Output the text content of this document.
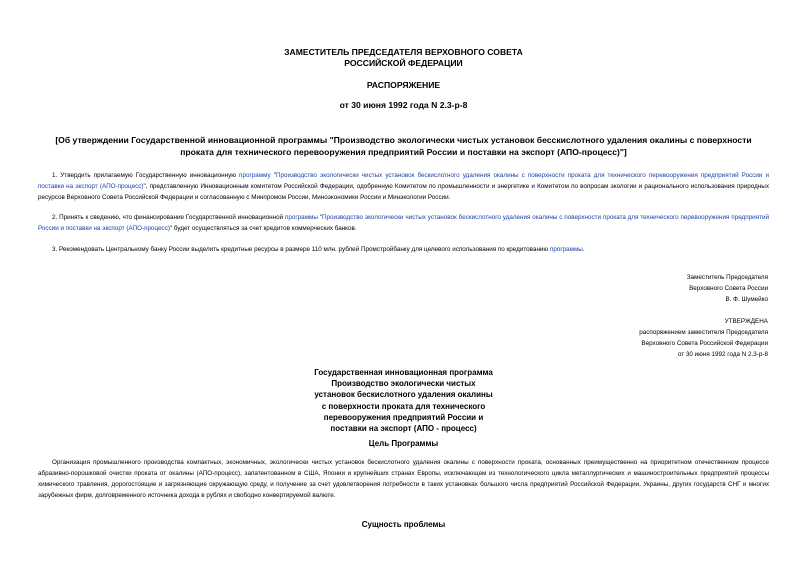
ЗАМЕСТИТЕЛЬ ПРЕДСЕДАТЕЛЯ ВЕРХОВНОГО СОВЕТА
РОССИЙСКОЙ ФЕДЕРАЦИИ
РАСПОРЯЖЕНИЕ
от 30 июня 1992 года N 2.3-р-8
[Об утверждении Государственной инновационной программы "Производство экологически чистых установок бесскислотного удаления окалины с поверхности
проката для технического перевооружения предприятий России и поставки на экспорт (АПО-процесс)"]

1. Утвердить прилагаемую Государственную инновационную программу "Производство экологически чистых установок бескислотного удаления окалины с поверхности проката для технического перевооружения предприятий России и поставки на экспорт (АПО-процесс)", представленную Инновационным комитетом Российской Федерации, одобренную Комитетом по промышленности и энергетике и Комитетом по вопросам экологии и рационального использования природных ресурсов Верховного Совета Российской Федерации и согласованную с Минпромом России, Миноэкономики России и Минэкологии России.

2. Принять к сведению, что финансирование Государственной инновационной программы "Производство экологически чистых установок бескислотного удаления окалины с поверхности проката для технического перевооружения предприятий России и поставки на экспорт (АПО-процесс)" будет осуществляться за счет кредитов коммерческих банков.

3. Рекомендовать Центральному банку России выделить кредитные ресурсы в размере 110 млн. рублей Промстройбанку для целевого использования по кредитованию программы.

Заместитель Председателя
Верховного Совета России
В. Ф. Шумейко
УТВЕРЖДЕНА
распоряжением заместителя Председателя
Верховного Совета Российской Федерации
от 30 июня 1992 года N 2.3-р-8
Государственная инновационная программа
Производство экологически чистых
установок бескислотного удаления окалины
с поверхности проката для технического
перевооружения предприятий России и
поставки на экспорт (АПО - процесс)
Цель Программы

Организация промышленного производства компактных, экономичных, экологически чистых установок бескислотного удаления окалины с поверхности проката, основанных преимущественно на приоритетном отечественном процессе абразивно-порошковой очистки проката от окалины (АПО-процесс), запатентованном в США, Японии и крупнейших странах Европы, исключающем из технологического цикла металлургических и машиностроительных предприятий процессы химического травления, дорогостоящие и загрязняющие окружающую среду, и получение за счет удовлетворения потребности в таких установках большого числа предприятий Российской Федерации, Украины, других государств СНГ и многих зарубежных фирм, долговременного источника дохода в рублях и свободно конвертируемой валюте.

Сущность проблемы
